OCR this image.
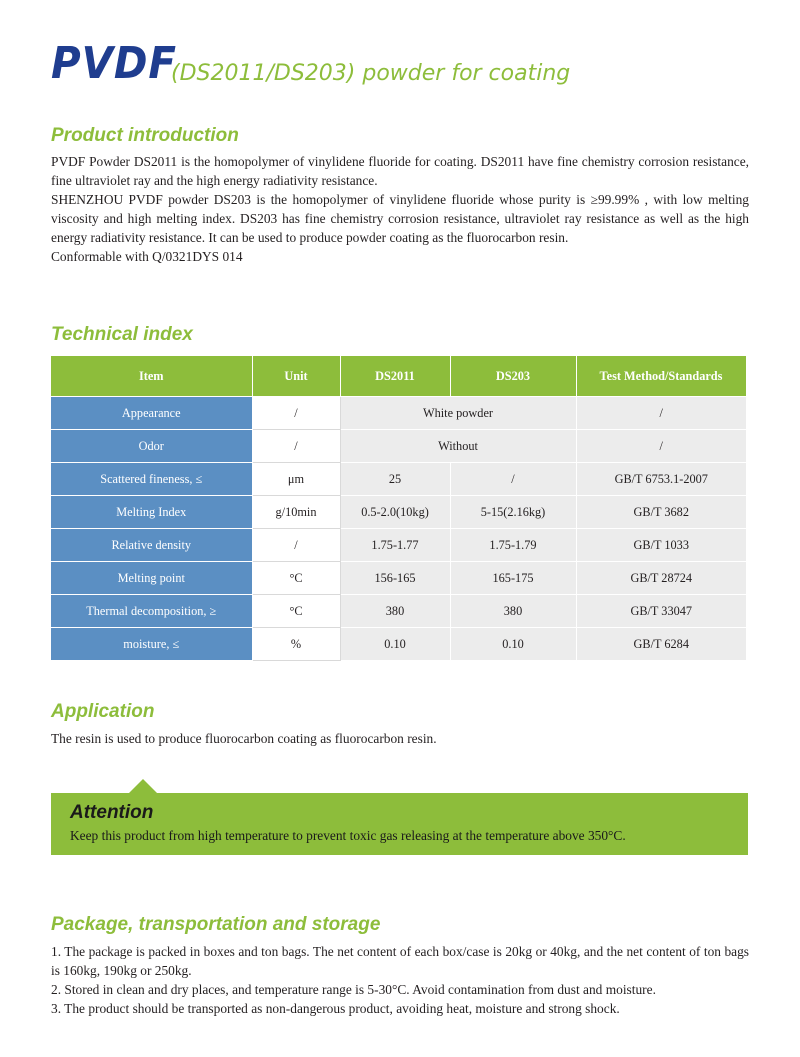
PVDF
(DS2011/DS203) powder for coating
Product introduction

PVDF Powder DS2011 is the homopolymer of vinylidene fluoride for coating. DS2011 have fine chemistry corrosion resistance, fine ultraviolet ray and the high energy radiativity resistance.

SHENZHOU PVDF powder DS203 is the homopolymer of vinylidene fluoride whose purity is ≥99.99% , with low melting viscosity and high melting index. DS203 has fine chemistry corrosion resistance, ultraviolet ray resistance as well as the high energy radiativity resistance. It can be used to produce powder coating as the fluorocarbon resin.

Conformable with Q/0321DYS 014

Technical index
Item	Unit	DS2011	DS203	Test Method/Standards
Appearance	/	White powder		/
Odor	/	Without		/
Scattered fineness, ≤	μm	25	/	GB/T 6753.1-2007
Melting Index	g/10min	0.5-2.0(10kg)	5-15(2.16kg)	GB/T 3682
Relative density	/	1.75-1.77	1.75-1.79	GB/T 1033
Melting point	°C	156-165	165-175	GB/T 28724
Thermal decomposition, ≥	°C	380	380	GB/T 33047
moisture, ≤	%	0.10	0.10	GB/T 6284
Application

The resin is used to produce fluorocarbon coating as fluorocarbon resin.

Attention
Keep this product from high temperature to prevent toxic gas releasing at the temperature above 350°C.
Package, transportation and storage

1. The package is packed in boxes and ton bags. The net content of each box/case is 20kg or 40kg, and the net content of ton bags is 160kg, 190kg or 250kg.

2. Stored in clean and dry places, and temperature range is 5-30°C. Avoid contamination from dust and moisture.

3. The product should be transported as non-dangerous product, avoiding heat, moisture and strong shock.
